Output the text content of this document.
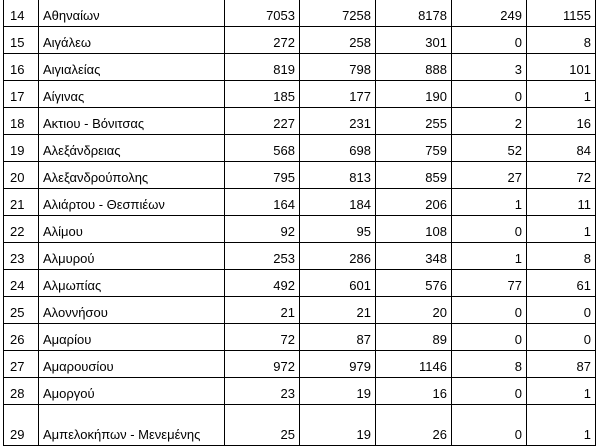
14	Αθηναίων	7053	7258	8178	249	1155
15	Αιγάλεω	272	258	301	0	8
16	Αιγιαλείας	819	798	888	3	101
17	Αίγινας	185	177	190	0	1
18	Ακτιου - Βόνιτσας	227	231	255	2	16
19	Αλεξάνδρειας	568	698	759	52	84
20	Αλεξανδρούπολης	795	813	859	27	72
21	Αλιάρτου - Θεσπιέων	164	184	206	1	11
22	Αλίμου	92	95	108	0	1
23	Αλμυρού	253	286	348	1	8
24	Αλμωπίας	492	601	576	77	61
25	Αλοννήσου	21	21	20	0	0
26	Αμαρίου	72	87	89	0	0
27	Αμαρουσίου	972	979	1146	8	87
28	Αμοργού	23	19	16	0	1
29	Αμπελοκήπων - Μενεμένης	25	19	26	0	1
